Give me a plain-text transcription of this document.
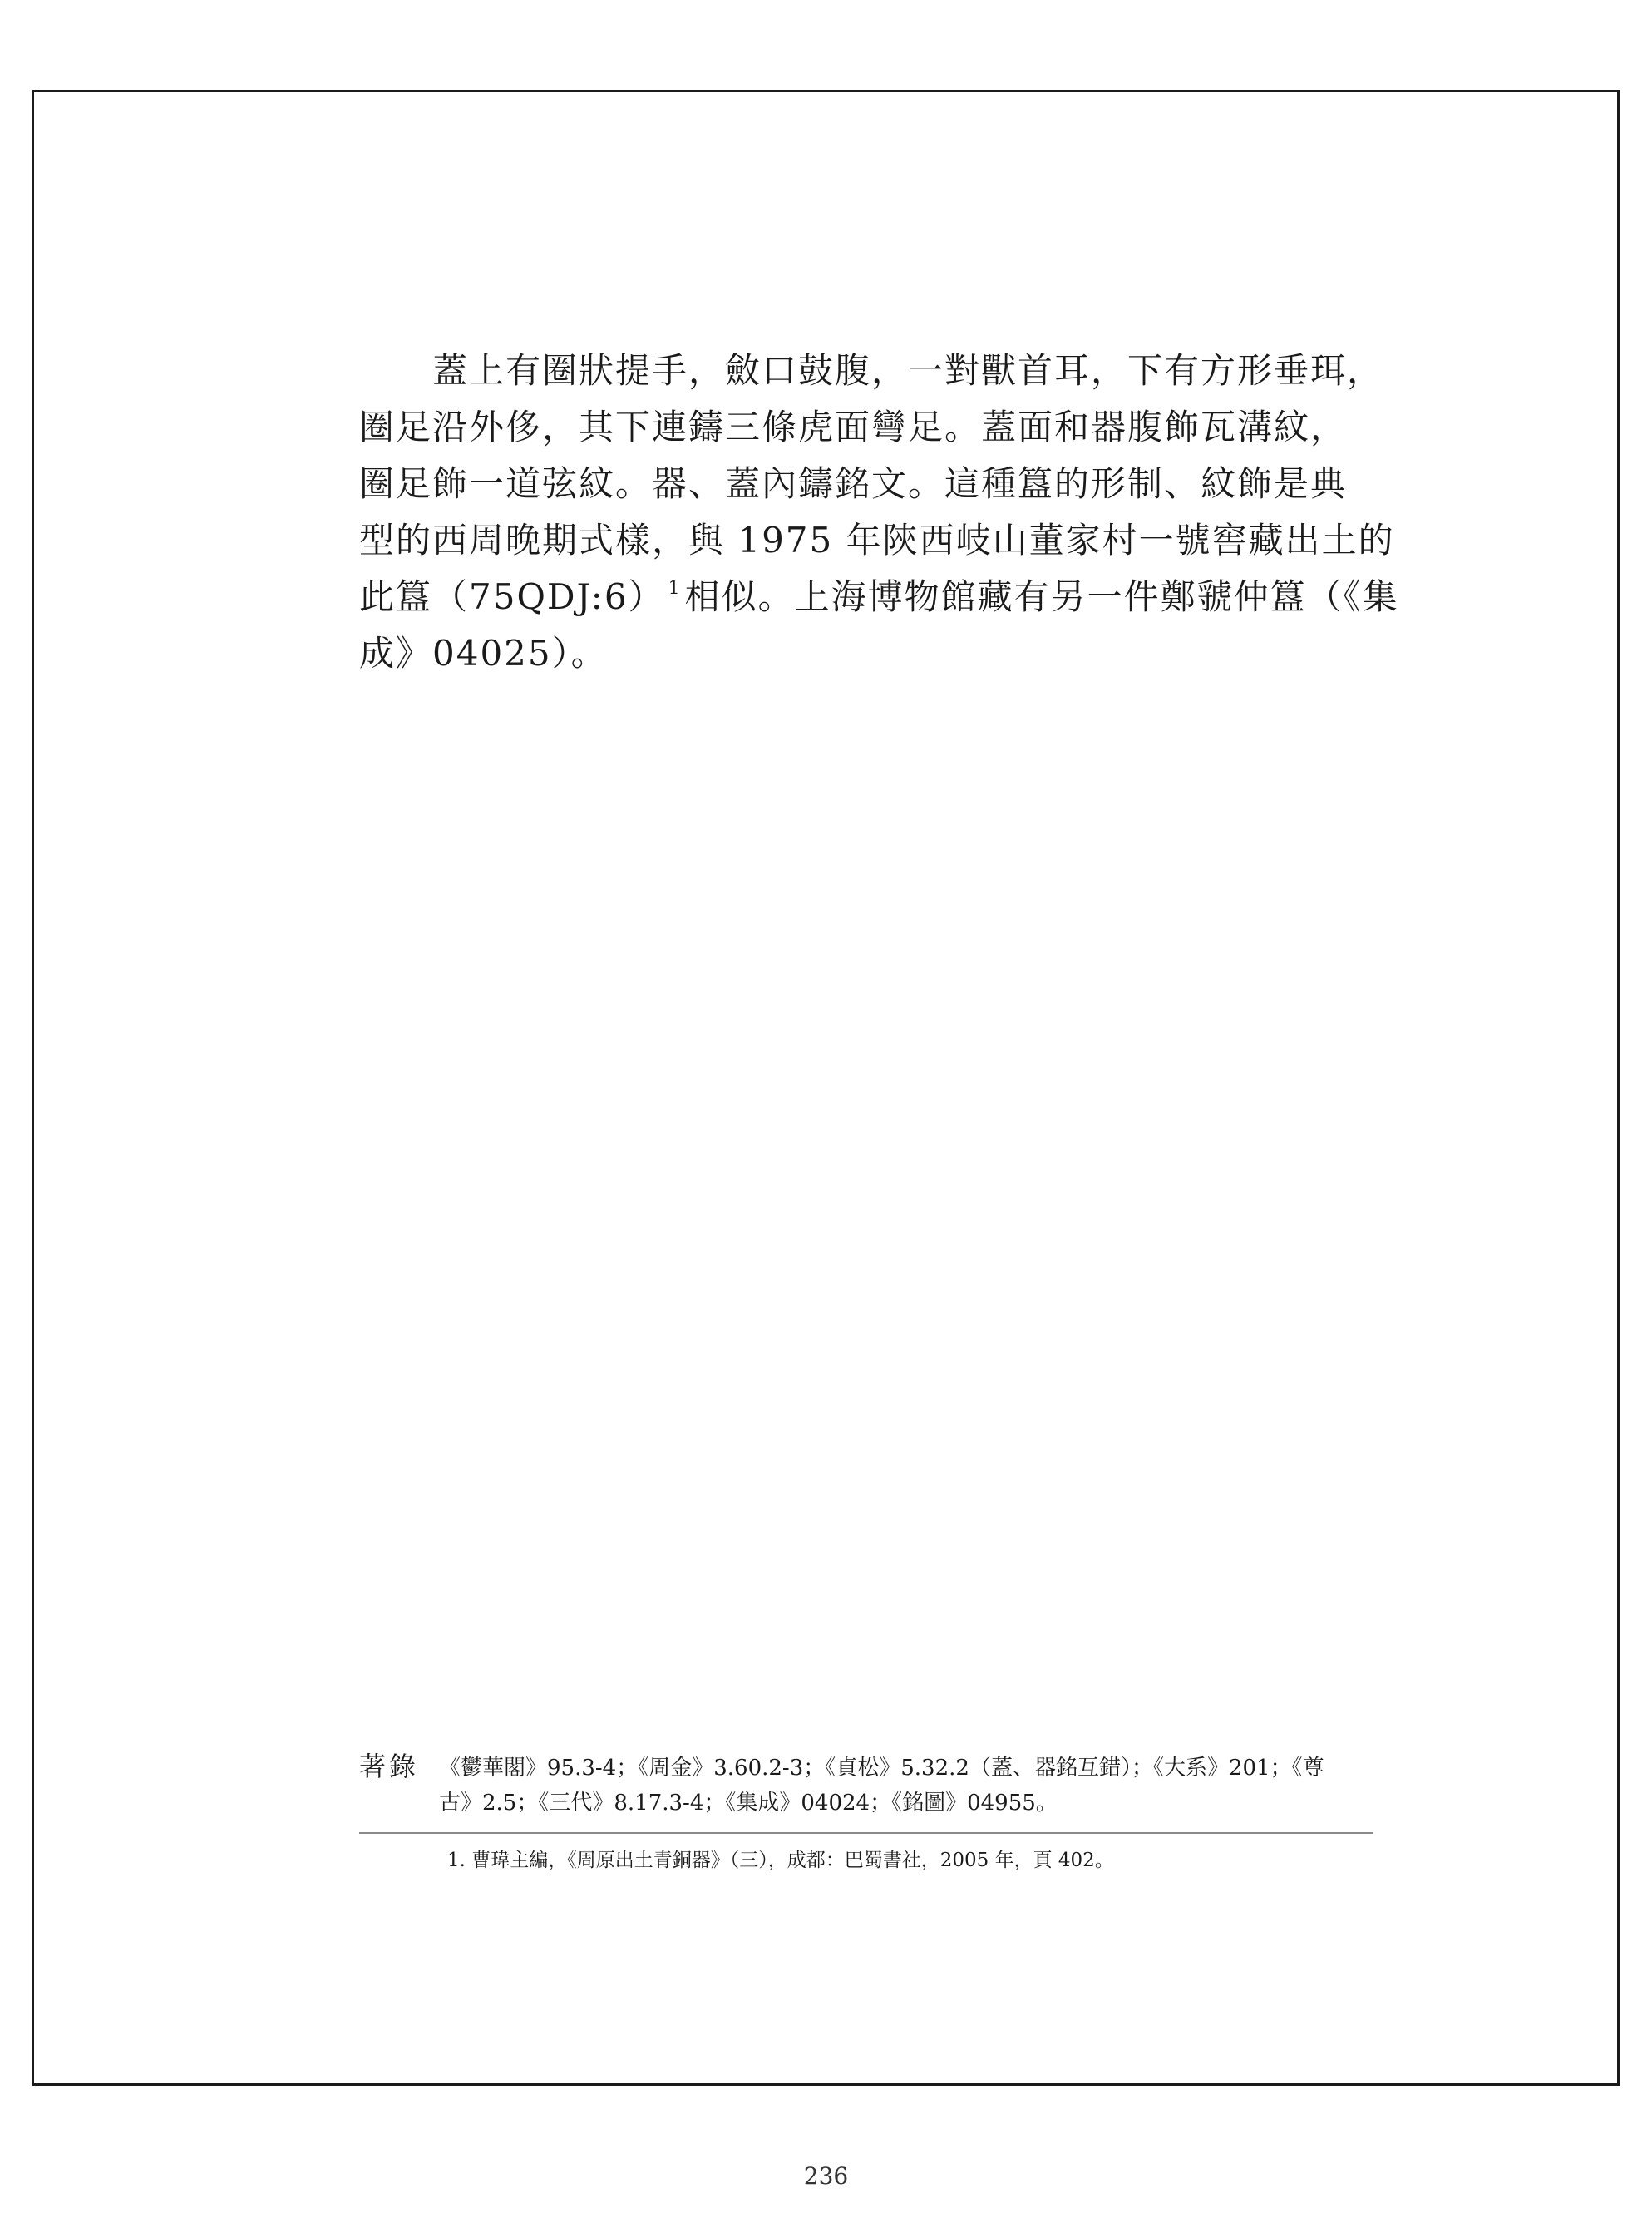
蓋上有圈狀提手，斂口鼓腹，一對獸首耳，下有方形垂珥，
圈足沿外侈，其下連鑄三條虎面彎足。蓋面和器腹飾瓦溝紋，
圈足飾一道弦紋。器、蓋內鑄銘文。這種簋的形制、紋飾是典
型的西周晚期式樣，與 1975 年陝西岐山董家村一號窖藏出土的
此簋（75QDJ:6） $^1$相似。上海博物館藏有另一件鄭虢仲簋（《集
成》04025）。
著錄 《鬱華閣》95.3-4；《周金》3.60.2-3；《貞松》5.32.2（蓋、器銘互錯）；《大系》201；《尊
古》2.5；《三代》8.17.3-4；《集成》04024；《銘圖》04955。
1. 曹瑋主編，《周原出土青銅器》（三），成都：巴蜀書社，2005 年，頁 402。
236
